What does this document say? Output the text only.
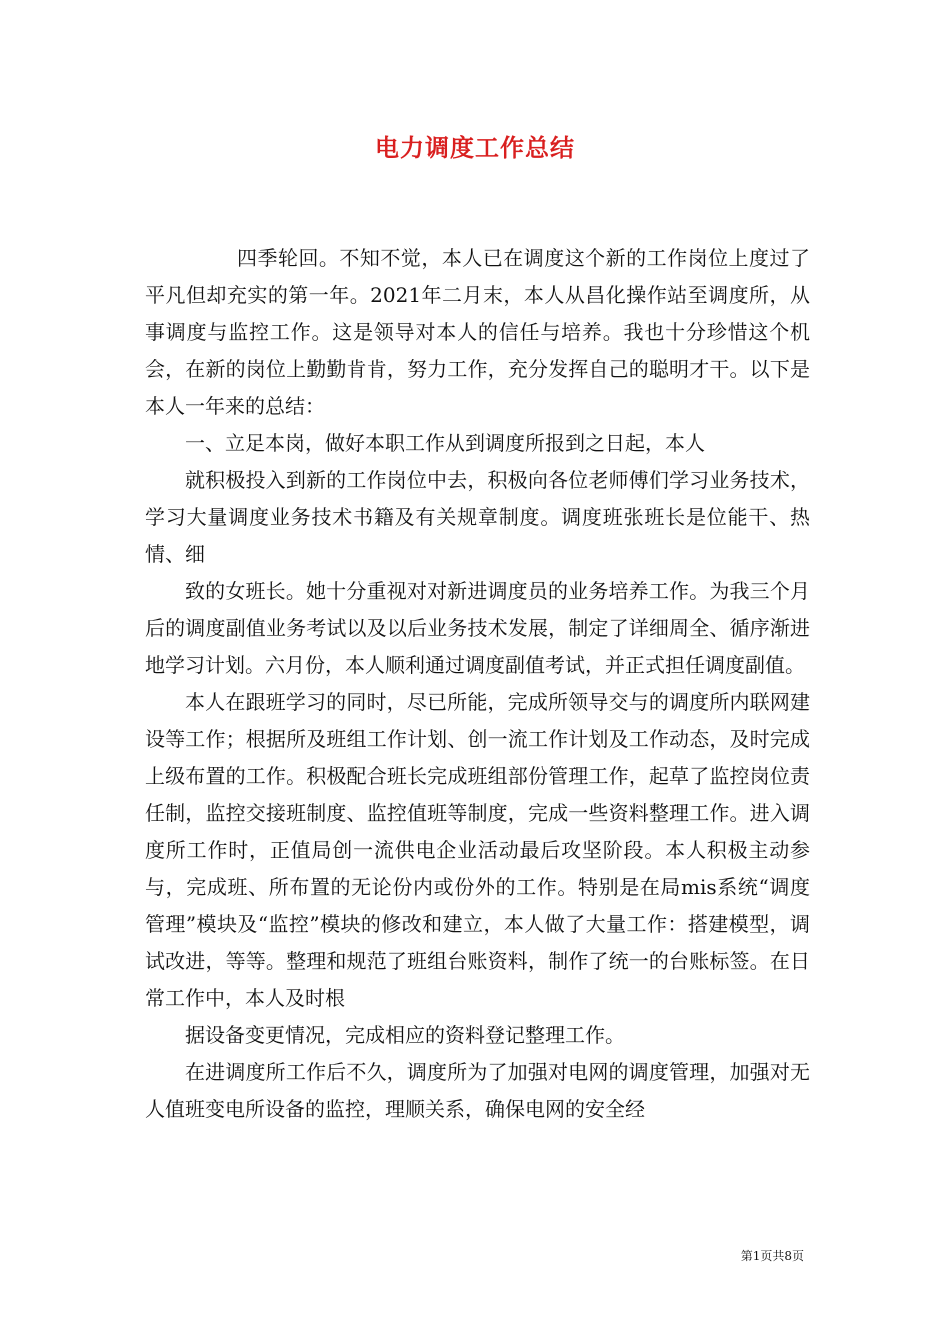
电力调度工作总结

四季轮回。不知不觉，本人已在调度这个新的工作岗位上度过了平凡但却充实的第一年。2021年二月末，本人从昌化操作站至调度所，从事调度与监控工作。这是领导对本人的信任与培养。我也十分珍惜这个机会，在新的岗位上勤勤肯肯，努力工作，充分发挥自己的聪明才干。以下是本人一年来的总结：

一、立足本岗，做好本职工作从到调度所报到之日起，本人

就积极投入到新的工作岗位中去，积极向各位老师傅们学习业务技术，学习大量调度业务技术书籍及有关规章制度。调度班张班长是位能干、热情、细

致的女班长。她十分重视对对新进调度员的业务培养工作。为我三个月后的调度副值业务考试以及以后业务技术发展，制定了详细周全、循序渐进地学习计划。六月份，本人顺利通过调度副值考试，并正式担任调度副值。

本人在跟班学习的同时，尽已所能，完成所领导交与的调度所内联网建设等工作；根据所及班组工作计划、创一流工作计划及工作动态，及时完成上级布置的工作。积极配合班长完成班组部份管理工作，起草了监控岗位责任制，监控交接班制度、监控值班等制度，完成一些资料整理工作。进入调度所工作时，正值局创一流供电企业活动最后攻坚阶段。本人积极主动参与，完成班、所布置的无论份内或份外的工作。特别是在局mis系统“调度管理”模块及“监控”模块的修改和建立，本人做了大量工作：搭建模型，调试改进，等等。整理和规范了班组台账资料，制作了统一的台账标签。在日常工作中，本人及时根

据设备变更情况，完成相应的资料登记整理工作。

在进调度所工作后不久，调度所为了加强对电网的调度管理，加强对无人值班变电所设备的监控，理顺关系，确保电网的安全经

第1页共8页
